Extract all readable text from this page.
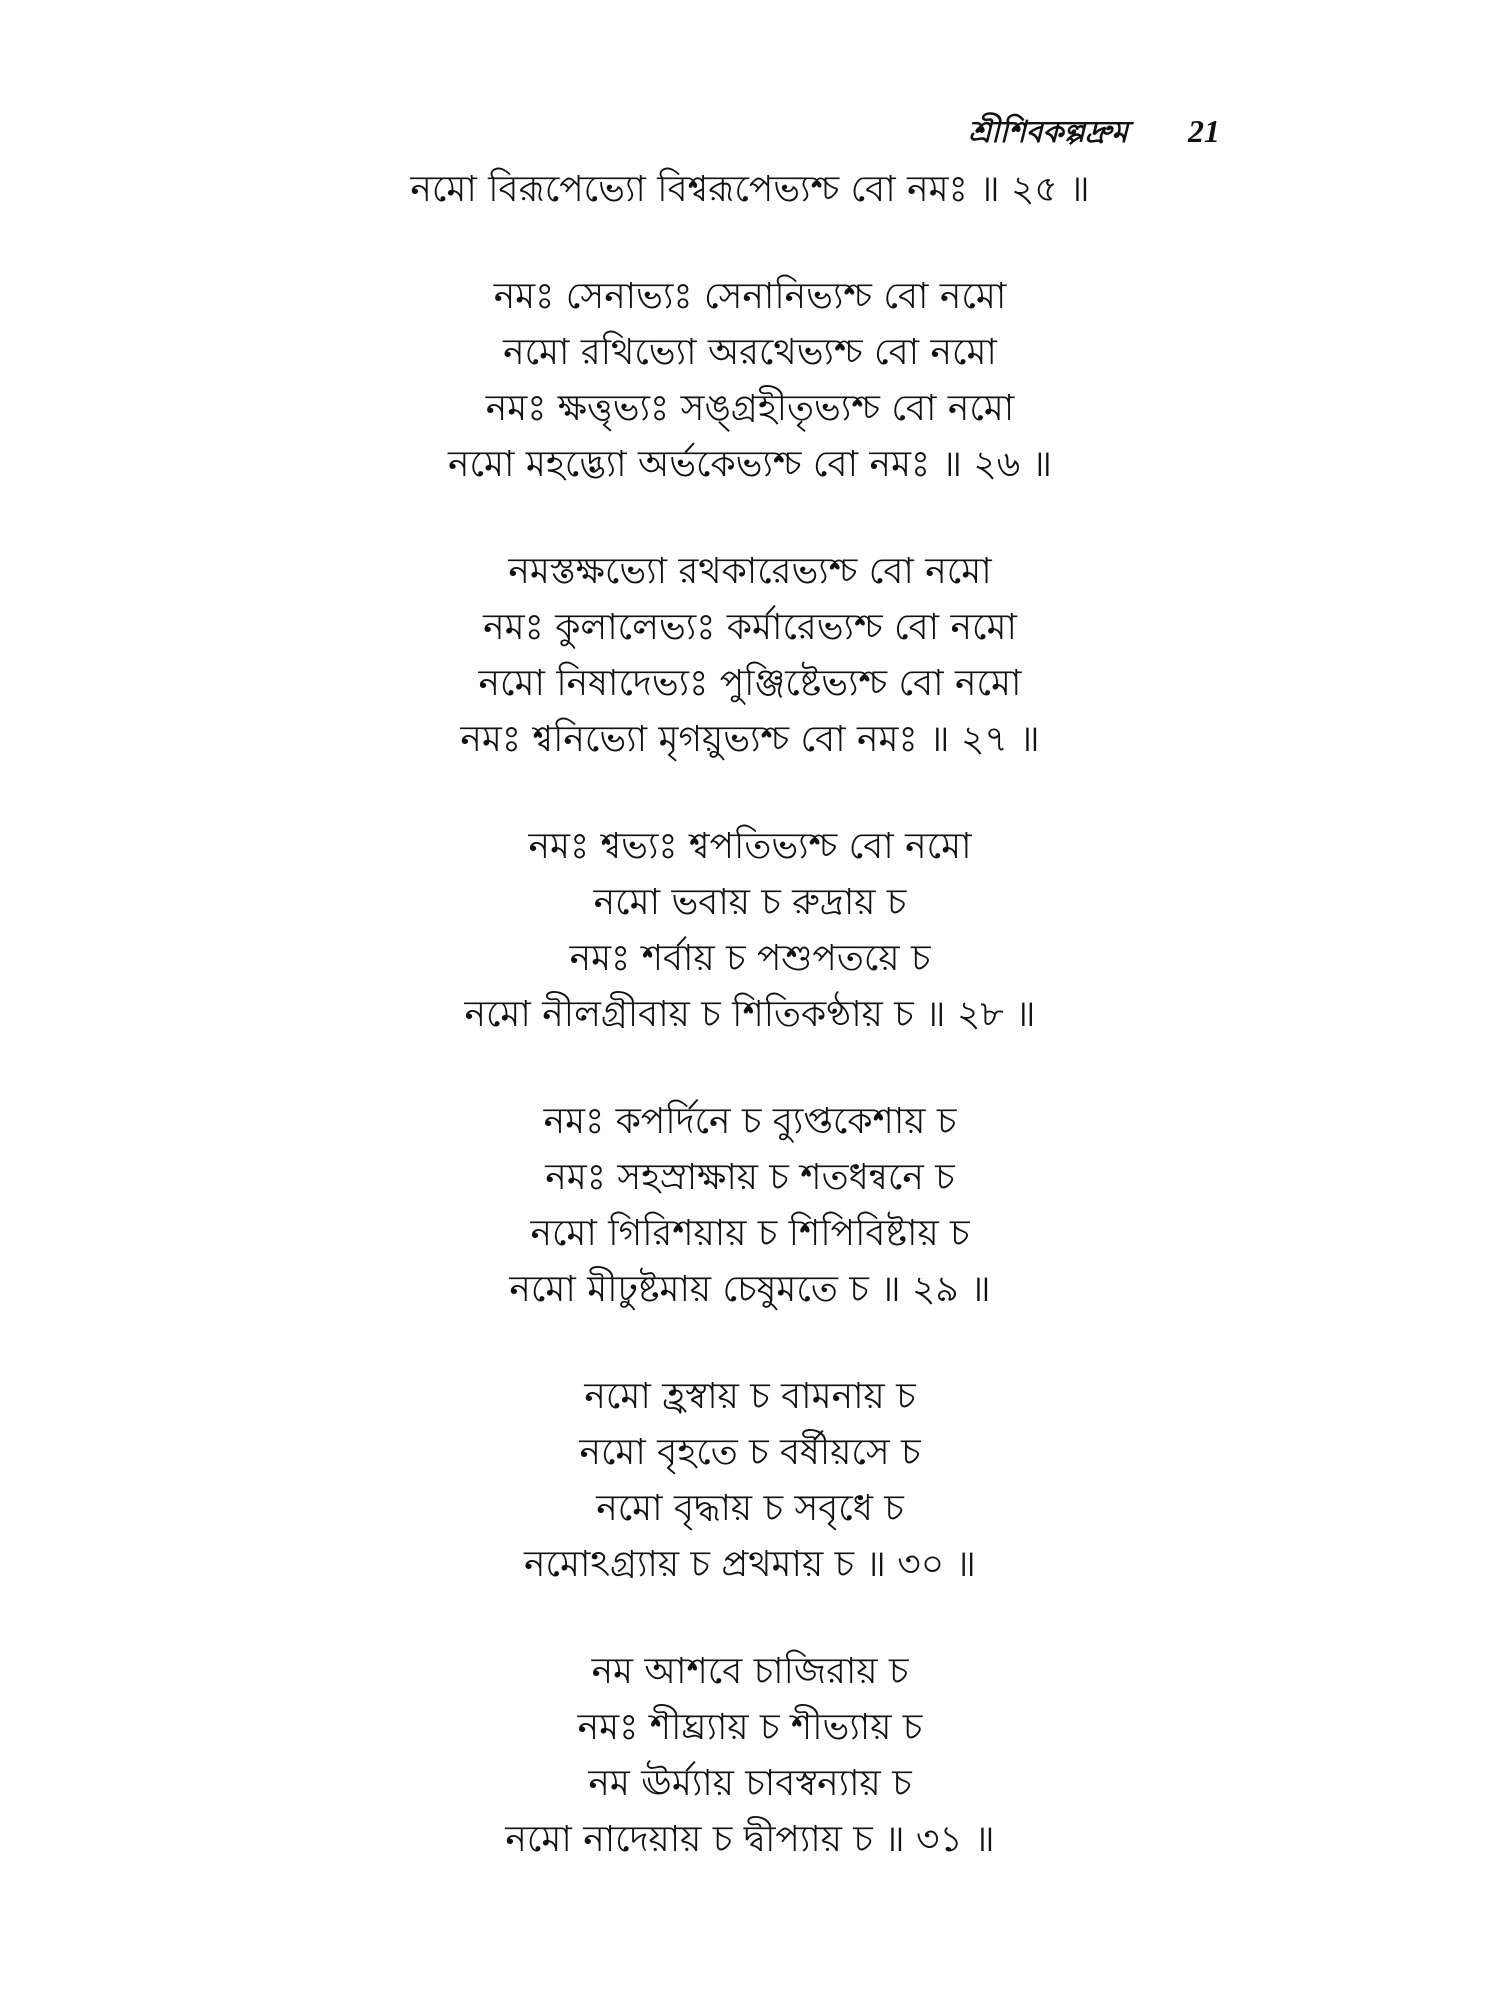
শ্রীশিবকল্পদ্রুম 21
নমো বিরূপেভ্যো বিশ্বরূপেভ্যশ্চ বো নমঃ ॥ ২৫ ॥
নমঃ সেনাভ্যঃ সেনানিভ্যশ্চ বো নমো
নমো রথিভ্যো অরথেভ্যশ্চ বো নমো
নমঃ ক্ষত্তৃভ্যঃ সঙ্গ্রহীতৃভ্যশ্চ বো নমো
নমো মহদ্ভ্যো অর্ভকেভ্যশ্চ বো নমঃ ॥ ২৬ ॥
নমস্তক্ষভ্যো রথকারেভ্যশ্চ বো নমো
নমঃ কুলালেভ্যঃ কর্মারেভ্যশ্চ বো নমো
নমো নিষাদেভ্যঃ পুঞ্জিষ্টেভ্যশ্চ বো নমো
নমঃ শ্বনিভ্যো মৃগয়ুভ্যশ্চ বো নমঃ ॥ ২৭ ॥
নমঃ শ্বভ্যঃ শ্বপতিভ্যশ্চ বো নমো
নমো ভবায় চ রুদ্রায় চ
নমঃ শর্বায় চ পশুপতয়ে চ
নমো নীলগ্রীবায় চ শিতিকণ্ঠায় চ ॥ ২৮ ॥
নমঃ কপর্দিনে চ ব্যুপ্তকেশায় চ
নমঃ সহস্রাক্ষায় চ শতধন্বনে চ
নমো গিরিশয়ায় চ শিপিবিষ্টায় চ
নমো মীঢুষ্টমায় চেষুমতে চ ॥ ২৯ ॥
নমো হ্রস্বায় চ বামনায় চ
নমো বৃহতে চ বর্ষীয়সে চ
নমো বৃদ্ধায় চ সবৃধে চ
নমোঽগ্র্যায় চ প্রথমায় চ ॥ ৩০ ॥
নম আশবে চাজিরায় চ
নমঃ শীঘ্র্যায় চ শীভ্যায় চ
নম ঊর্ম্যায় চাবস্বন্যায় চ
নমো নাদেয়ায় চ দ্বীপ্যায় চ ॥ ৩১ ॥
